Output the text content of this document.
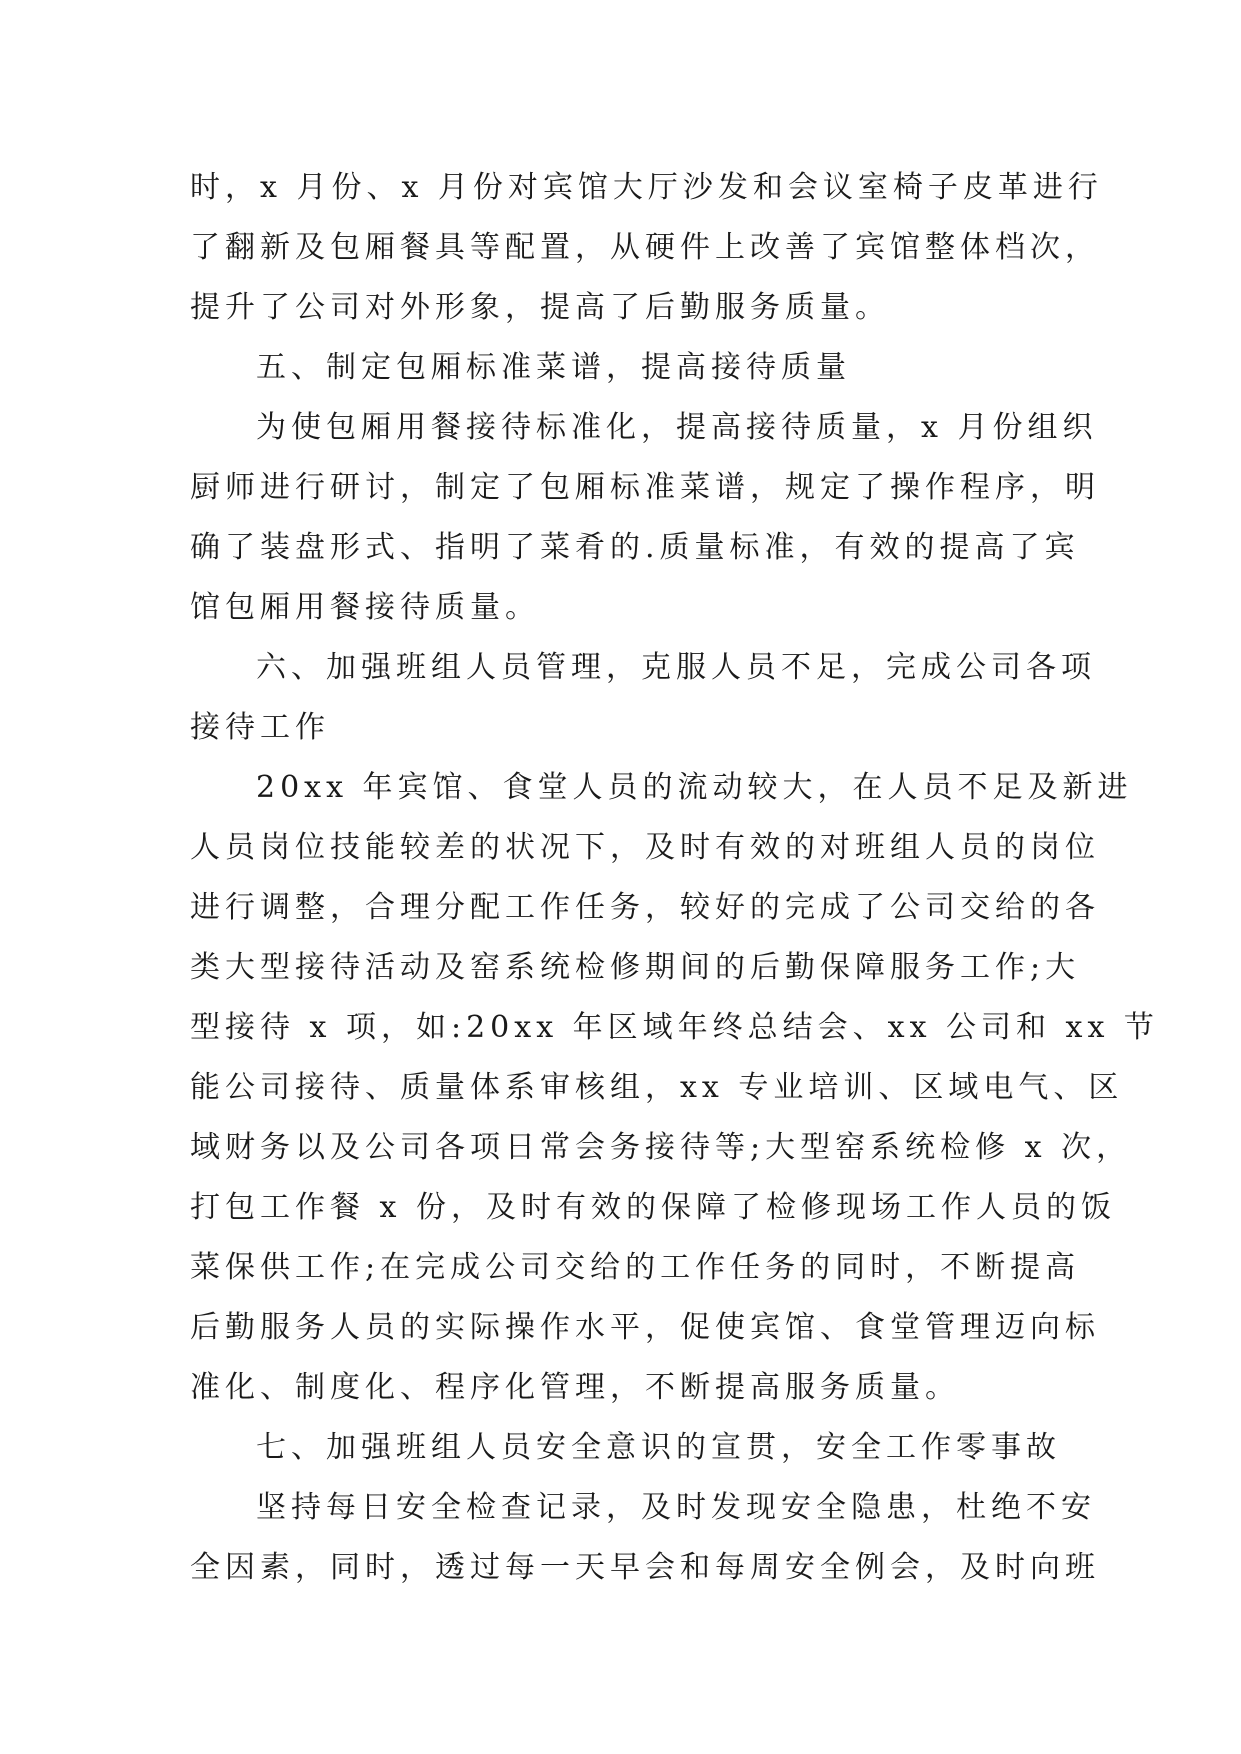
时，x 月份、x 月份对宾馆大厅沙发和会议室椅子皮革进行
了翻新及包厢餐具等配置，从硬件上改善了宾馆整体档次，
提升了公司对外形象，提高了后勤服务质量。
五、制定包厢标准菜谱，提高接待质量
为使包厢用餐接待标准化，提高接待质量，x 月份组织
厨师进行研讨，制定了包厢标准菜谱，规定了操作程序，明
确了装盘形式、指明了菜肴的.质量标准，有效的提高了宾
馆包厢用餐接待质量。
六、加强班组人员管理，克服人员不足，完成公司各项
接待工作
20xx 年宾馆、食堂人员的流动较大，在人员不足及新进
人员岗位技能较差的状况下，及时有效的对班组人员的岗位
进行调整，合理分配工作任务，较好的完成了公司交给的各
类大型接待活动及窑系统检修期间的后勤保障服务工作;大
型接待 x 项，如:20xx 年区域年终总结会、xx 公司和 xx 节
能公司接待、质量体系审核组，xx 专业培训、区域电气、区
域财务以及公司各项日常会务接待等;大型窑系统检修 x 次，
打包工作餐 x 份，及时有效的保障了检修现场工作人员的饭
菜保供工作;在完成公司交给的工作任务的同时，不断提高
后勤服务人员的实际操作水平，促使宾馆、食堂管理迈向标
准化、制度化、程序化管理，不断提高服务质量。
七、加强班组人员安全意识的宣贯，安全工作零事故
坚持每日安全检查记录，及时发现安全隐患，杜绝不安
全因素，同时，透过每一天早会和每周安全例会，及时向班
